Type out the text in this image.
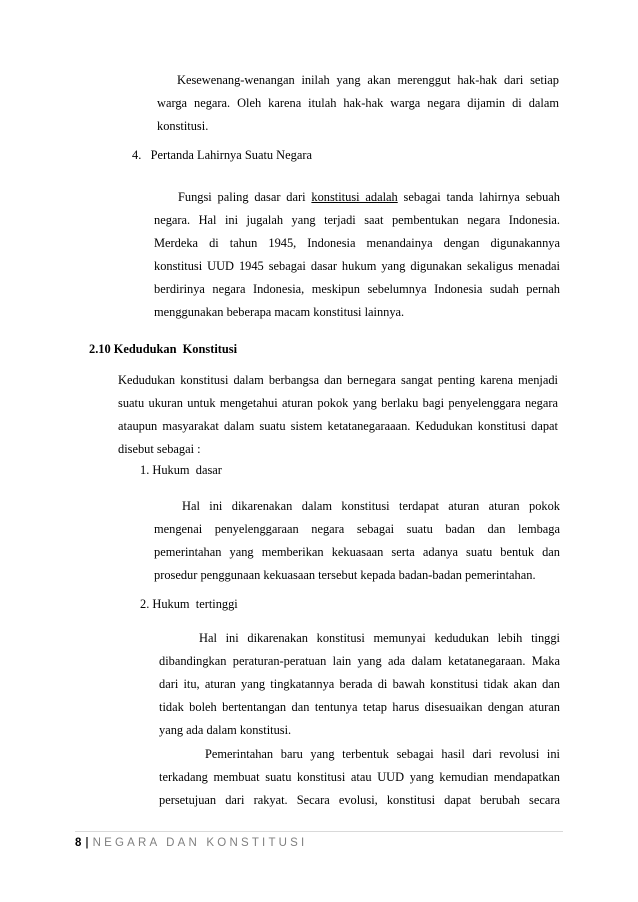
Kesewenang-wenangan inilah yang akan merenggut hak-hak dari setiap
warga negara. Oleh karena itulah hak-hak warga negara dijamin di dalam
konstitusi.
4.   Pertanda Lahirnya Suatu Negara
Fungsi paling dasar dari konstitusi adalah sebagai tanda lahirnya sebuah
negara. Hal ini jugalah yang terjadi saat pembentukan negara Indonesia.
Merdeka di tahun 1945, Indonesia menandainya dengan digunakannya
konstitusi UUD 1945 sebagai dasar hukum yang digunakan sekaligus menadai
berdirinya negara Indonesia, meskipun sebelumnya Indonesia sudah pernah
menggunakan beberapa macam konstitusi lainnya.
2.10 Kedudukan  Konstitusi
Kedudukan konstitusi dalam berbangsa dan bernegara sangat penting karena menjadi
suatu ukuran untuk mengetahui aturan pokok yang berlaku bagi penyelenggara negara
ataupun masyarakat dalam suatu sistem ketatanegaraaan. Kedudukan konstitusi dapat
disebut sebagai :
1. Hukum  dasar
Hal ini dikarenakan dalam konstitusi terdapat aturan aturan pokok
mengenai penyelenggaraan negara sebagai suatu badan dan lembaga
pemerintahan yang memberikan kekuasaan serta adanya suatu bentuk dan
prosedur penggunaan kekuasaan tersebut kepada badan-badan pemerintahan.
2. Hukum  tertinggi
Hal ini dikarenakan konstitusi memunyai kedudukan lebih tinggi
dibandingkan peraturan-peratuan lain yang ada dalam ketatanegaraan. Maka
dari itu, aturan yang tingkatannya berada di bawah konstitusi tidak akan dan
tidak boleh bertentangan dan tentunya tetap harus disesuaikan dengan aturan
yang ada dalam konstitusi.
Pemerintahan baru yang terbentuk sebagai hasil dari revolusi ini
terkadang membuat suatu konstitusi atau UUD yang kemudian mendapatkan
persetujuan dari rakyat. Secara evolusi, konstitusi dapat berubah secara
8 | NEGARA DAN KONSTITUSI
